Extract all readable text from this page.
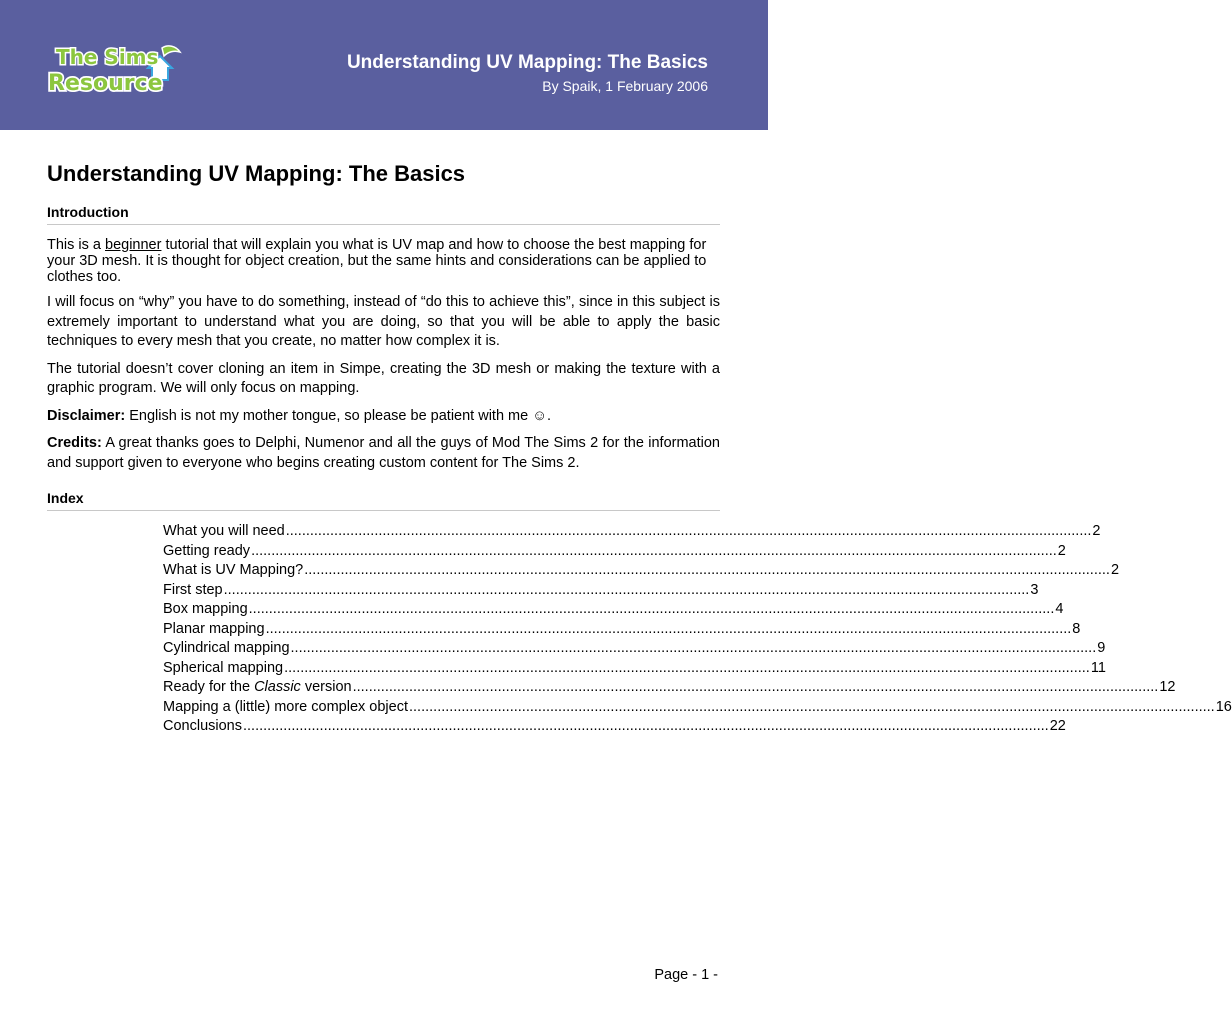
The Sims
Resource
Understanding UV Mapping: The Basics
By Spaik, 1 February 2006
Understanding UV Mapping: The Basics
Introduction
This is a beginner tutorial that will explain you what is UV map and how to choose the best mapping for your 3D mesh. It is thought for object creation, but the same hints and considerations can be applied to clothes too.

I will focus on “why” you have to do something, instead of “do this to achieve this”, since in this subject is extremely important to understand what you are doing, so that you will be able to apply the basic techniques to every mesh that you create, no matter how complex it is.

The tutorial doesn’t cover cloning an item in Simpe, creating the 3D mesh or making the texture with a graphic program. We will only focus on mapping.

Disclaimer: English is not my mother tongue, so please be patient with me ☺.

Credits: A great thanks goes to Delphi, Numenor and all the guys of Mod The Sims 2 for the information and support given to everyone who begins creating custom content for The Sims 2.

Index
What you will need ........................................................................................................................................................................................................ 2
Getting ready ........................................................................................................................................................................................................ 2
What is UV Mapping? ........................................................................................................................................................................................................ 2
First step ........................................................................................................................................................................................................ 3
Box mapping ........................................................................................................................................................................................................ 4
Planar mapping ........................................................................................................................................................................................................ 8
Cylindrical mapping ........................................................................................................................................................................................................ 9
Spherical mapping ........................................................................................................................................................................................................ 11
Ready for the Classic version ........................................................................................................................................................................................................ 12
Mapping a (little) more complex object ........................................................................................................................................................................................................ 16
Conclusions ........................................................................................................................................................................................................ 22
Page - 1 -
